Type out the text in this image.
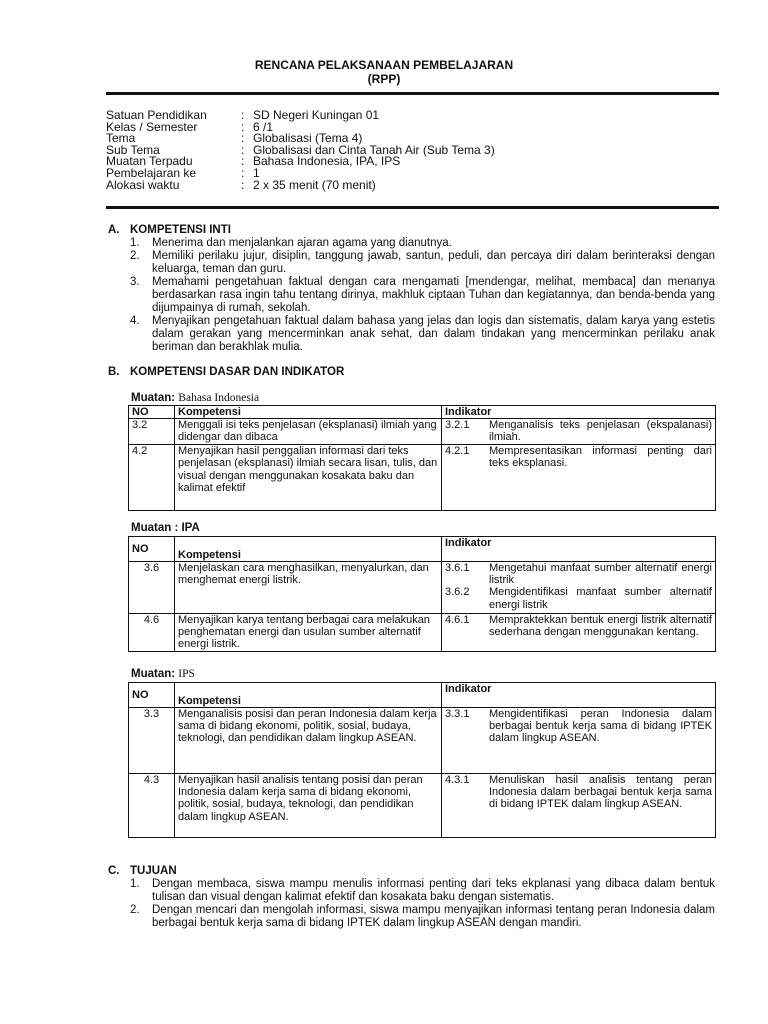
RENCANA PELAKSANAAN PEMBELAJARAN
(RPP)
Satuan Pendidikan	: SD Negeri Kuningan 01
Kelas / Semester	: 6 /1
Tema	: Globalisasi (Tema 4)
Sub Tema	: Globalisasi dan Cinta Tanah Air (Sub Tema 3)
Muatan Terpadu	: Bahasa Indonesia, IPA, IPS
Pembelajaran ke	: 1
Alokasi waktu	: 2 x 35 menit (70 menit)
A. KOMPETENSI INTI
1.	Menerima dan menjalankan ajaran agama yang dianutnya.
2.	Memiliki perilaku jujur, disiplin, tanggung jawab, santun, peduli, dan percaya diri dalam berinteraksi dengan keluarga, teman dan guru.
3.	Memahami pengetahuan faktual dengan cara mengamati [mendengar, melihat, membaca] dan menanya berdasarkan rasa ingin tahu tentang dirinya, makhluk ciptaan Tuhan dan kegiatannya, dan benda-benda yang dijumpainya di rumah, sekolah.
4.	Menyajikan pengetahuan faktual dalam bahasa yang jelas dan logis dan sistematis, dalam karya yang estetis dalam gerakan yang mencerminkan anak sehat, dan dalam tindakan yang mencerminkan perilaku anak beriman dan berakhlak mulia.
B. KOMPETENSI DASAR DAN INDIKATOR
Muatan: Bahasa Indonesia
NO	Kompetensi	Indikator
3.2	Menggali isi teks penjelasan (eksplanasi) ilmiah yang didengar dan dibaca	3.2.1 Menganalisis teks penjelasan (ekspalanasi) ilmiah.

4.2	Menyajikan hasil penggalian informasi dari teks penjelasan (eksplanasi) ilmiah secara lisan, tulis, dan visual dengan menggunakan kosakata baku dan kalimat efektif	4.2.1 Mempresentasikan informasi penting dari teks eksplanasi.
Muatan : IPA
NO	Kompetensi	Indikator
3.6	Menjelaskan cara menghasilkan, menyalurkan, dan menghemat energi listrik.	3.6.1 Mengetahui manfaat sumber alternatif energi listrik
3.6.2 Mengidentifikasi manfaat sumber alternatif energi listrik

4.6	Menyajikan karya tentang berbagai cara melakukan penghematan energi dan usulan sumber alternatif energi listrik.	4.6.1 Mempraktekkan bentuk energi listrik alternatif sederhana dengan menggunakan kentang.
Muatan: IPS
NO	Kompetensi	Indikator
3.3	Menganalisis posisi dan peran Indonesia dalam kerja sama di bidang ekonomi, politik, sosial, budaya, teknologi, dan pendidikan dalam lingkup ASEAN.	3.3.1 Mengidentifikasi peran Indonesia dalam berbagai bentuk kerja sama di bidang IPTEK dalam lingkup ASEAN.

4.3	Menyajikan hasil analisis tentang posisi dan peran Indonesia dalam kerja sama di bidang ekonomi, politik, sosial, budaya, teknologi, dan pendidikan dalam lingkup ASEAN.	4.3.1 Menuliskan hasil analisis tentang peran Indonesia dalam berbagai bentuk kerja sama di bidang IPTEK dalam lingkup ASEAN.
C. TUJUAN
1.	Dengan membaca, siswa mampu menulis informasi penting dari teks ekplanasi yang dibaca dalam bentuk tulisan dan visual dengan kalimat efektif dan kosakata baku dengan sistematis.
2.	Dengan mencari dan mengolah informasi, siswa mampu menyajikan informasi tentang peran Indonesia dalam berbagai bentuk kerja sama di bidang IPTEK dalam lingkup ASEAN dengan mandiri.
